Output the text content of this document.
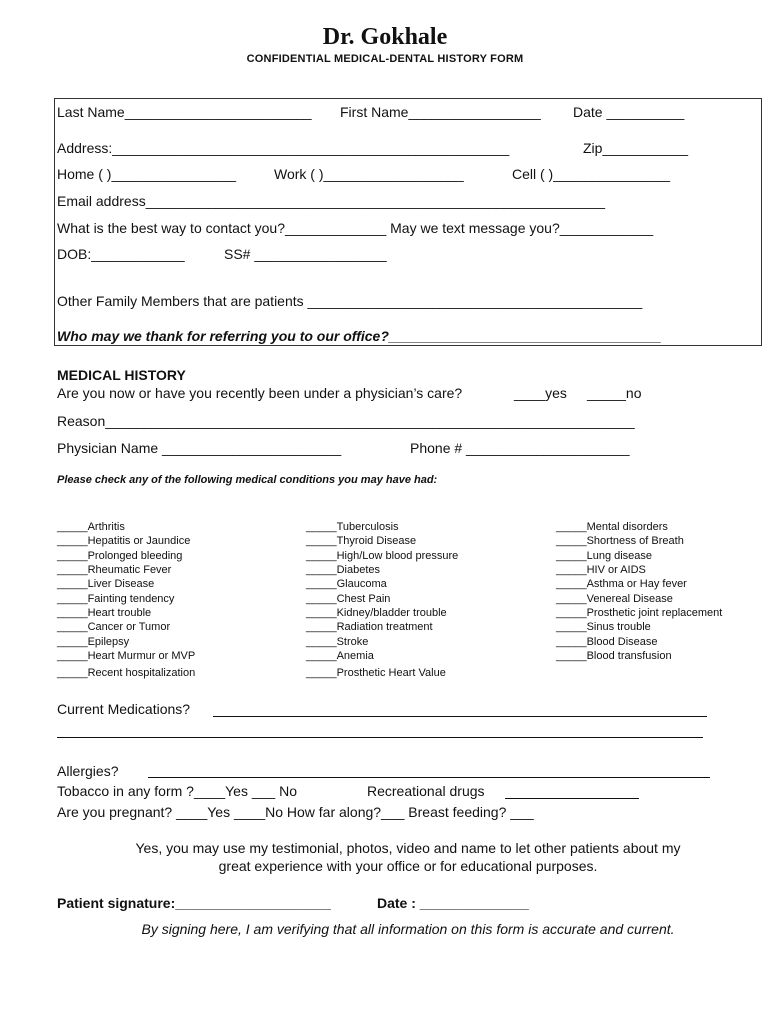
Dr. Gokhale
CONFIDENTIAL MEDICAL-DENTAL HISTORY FORM
Last Name________________________ First Name_________________ Date __________
Address:___________________________________________________	Zip___________
Home ( )________________	Work ( )__________________	Cell ( )_______________
Email address___________________________________________________________
What is the best way to contact you?_____________ May we text message you?____________
DOB:____________	SS# _________________
Other Family Members that are patients ___________________________________________
Who may we thank for referring you to our office?___________________________________
MEDICAL HISTORY
Are you now or have you recently been under a physician’s care?	____yes _____no
Reason____________________________________________________________________
Physician Name _______________________	Phone # _____________________
Please check any of the following medical conditions you may have had:
_____Arthritis
_____Hepatitis or Jaundice
_____Prolonged bleeding
_____Rheumatic Fever
_____Liver Disease
_____Fainting tendency
_____Heart trouble
_____Cancer or Tumor
_____Epilepsy
_____Heart Murmur or MVP
_____Recent hospitalization
_____Tuberculosis
_____Thyroid Disease
_____High/Low blood pressure
_____Diabetes
_____Glaucoma
_____Chest Pain
_____Kidney/bladder trouble
_____Radiation treatment
_____Stroke
_____Anemia
_____Prosthetic Heart Value
_____Mental disorders
_____Shortness of Breath
_____Lung disease
_____HIV or AIDS
_____Asthma or Hay fever
_____Venereal Disease
_____Prosthetic joint replacement
_____Sinus trouble
_____Blood Disease
_____Blood transfusion
Current Medications?
Allergies?
Tobacco in any form ?____Yes ___ No	Recreational drugs
Are you pregnant? ____Yes ____No How far along?___ Breast feeding? ___
Yes, you may use my testimonial, photos, video and name to let other patients about my
great experience with your office or for educational purposes.
Patient signature:____________________	Date : ______________
By signing here, I am verifying that all information on this form is accurate and current.
